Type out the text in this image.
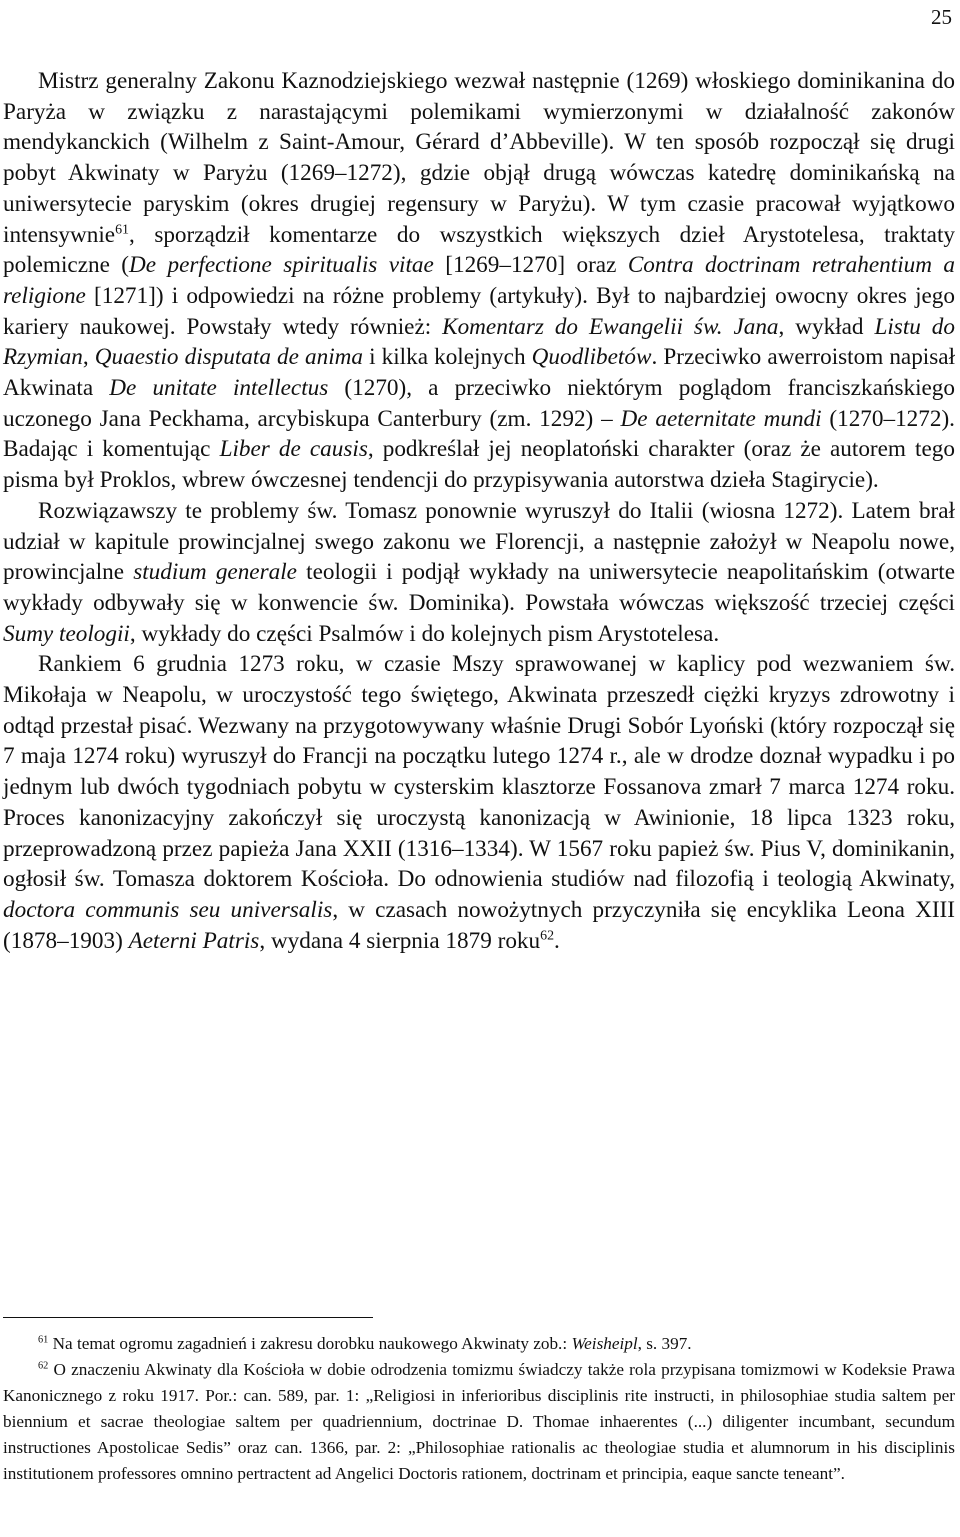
25

Mistrz generalny Zakonu Kaznodziejskiego wezwał następnie (1269) włoskiego dominikanina do Paryża w związku z narastającymi polemikami wymierzonymi w działalność zakonów mendykanckich (Wilhelm z Saint-Amour, Gérard d’Abbeville). W ten sposób rozpoczął się drugi pobyt Akwinaty w Paryżu (1269–1272), gdzie objął drugą wówczas katedrę dominikańską na uniwersytecie paryskim (okres drugiej regensury w Paryżu). W tym czasie pracował wyjątkowo intensywnie$^{61}$, sporządził komentarze do wszystkich większych dzieł Arystotelesa, traktaty polemiczne (De perfectione spiritualis vitae [1269–1270] oraz Contra doctrinam retrahentium a religione [1271]) i odpowiedzi na różne problemy (artykuły). Był to najbardziej owocny okres jego kariery naukowej. Powstały wtedy również: Komentarz do Ewangelii św. Jana, wykład Listu do Rzymian, Quaestio disputata de anima i kilka kolejnych Quodlibetów. Przeciwko awerroistom napisał Akwinata De unitate intellectus (1270), a przeciwko niektórym poglądom franciszkańskiego uczonego Jana Peckhama, arcybiskupa Canterbury (zm. 1292) – De aeternitate mundi (1270–1272). Badając i komentując Liber de causis, podkreślał jej neoplatoński charakter (oraz że autorem tego pisma był Proklos, wbrew ówczesnej tendencji do przypisywania autorstwa dzieła Stagirycie).

Rozwiązawszy te problemy św. Tomasz ponownie wyruszył do Italii (wiosna 1272). Latem brał udział w kapitule prowincjalnej swego zakonu we Florencji, a następnie założył w Neapolu nowe, prowincjalne studium generale teologii i podjął wykłady na uniwersytecie neapolitańskim (otwarte wykłady odbywały się w konwencie św. Dominika). Powstała wówczas większość trzeciej części Sumy teologii, wykłady do części Psalmów i do kolejnych pism Arystotelesa.

Rankiem 6 grudnia 1273 roku, w czasie Mszy sprawowanej w kaplicy pod wezwaniem św. Mikołaja w Neapolu, w uroczystość tego świętego, Akwinata przeszedł ciężki kryzys zdrowotny i odtąd przestał pisać. Wezwany na przygotowywany właśnie Drugi Sobór Lyoński (który rozpoczął się 7 maja 1274 roku) wyruszył do Francji na początku lutego 1274 r., ale w drodze doznał wypadku i po jednym lub dwóch tygodniach pobytu w cysterskim klasztorze Fossanova zmarł 7 marca 1274 roku. Proces kanonizacyjny zakończył się uroczystą kanonizacją w Awinionie, 18 lipca 1323 roku, przeprowadzoną przez papieża Jana XXII (1316–1334). W 1567 roku papież św. Pius V, dominikanin, ogłosił św. Tomasza doktorem Kościoła. Do odnowienia studiów nad filozofią i teologią Akwinaty, doctora communis seu universalis, w czasach nowożytnych przyczyniła się encyklika Leona XIII (1878–1903) Aeterni Patris, wydana 4 sierpnia 1879 roku$^{62}$.

$^{61}$ Na temat ogromu zagadnień i zakresu dorobku naukowego Akwinaty zob.: Weisheipl, s. 397.

$^{62}$ O znaczeniu Akwinaty dla Kościoła w dobie odrodzenia tomizmu świadczy także rola przypisana tomizmowi w Kodeksie Prawa Kanonicznego z roku 1917. Por.: can. 589, par. 1: „Religiosi in inferioribus disciplinis rite instructi, in philosophiae studia saltem per biennium et sacrae theologiae saltem per quadriennium, doctrinae D. Thomae inhaerentes (...) diligenter incumbant, secundum instructiones Apostolicae Sedis” oraz can. 1366, par. 2: „Philosophiae rationalis ac theologiae studia et alumnorum in his disciplinis institutionem professores omnino pertractent ad Angelici Doctoris rationem, doctrinam et principia, eaque sancte teneant”.
